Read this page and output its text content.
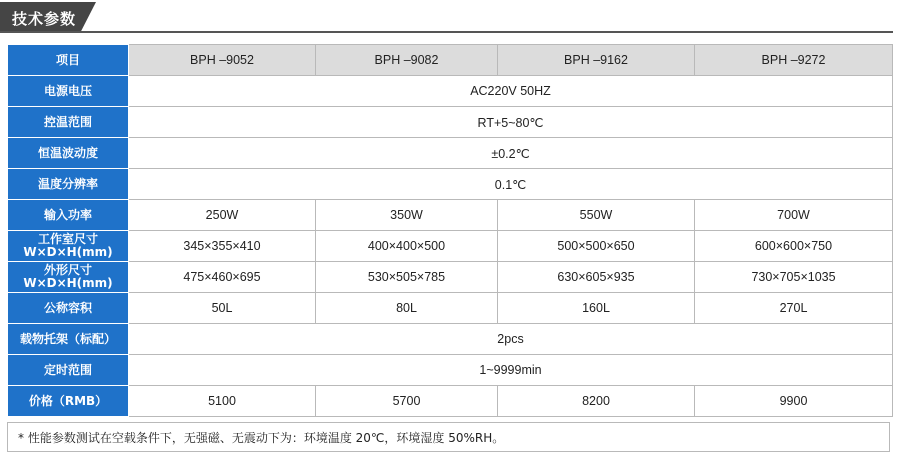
技术参数
项目	BPH –9052	BPH –9082	BPH –9162	BPH –9272
电源电压	AC220V 50HZ			
控温范围	RT+5~80℃			
恒温波动度	±0.2℃			
温度分辨率	0.1℃			
输入功率	250W	350W	550W	700W

工作室尺寸
W×D×H(mm)	345×355×410	400×400×500	500×500×650	600×600×750

外形尺寸
W×D×H(mm)	475×460×695	530×505×785	630×605×935	730×705×1035
公称容积	50L	80L	160L	270L
载物托架（标配）	2pcs			
定时范围	1~9999min			
价格（RMB）	5100	5700	8200	9900
* 性能参数测试在空载条件下，无强磁、无震动下为：环境温度 20℃，环境湿度 50%RH。
